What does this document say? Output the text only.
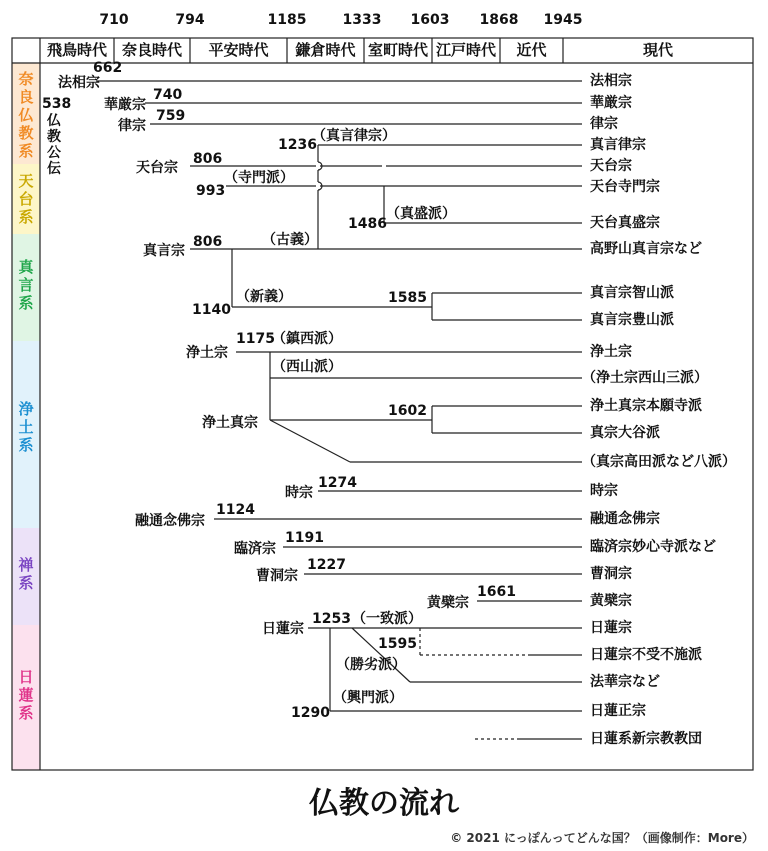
奈
良
仏
教
系
天
台
系
真
言
系
浄
土
系
禅
系
日
蓮
系
710	794	1185	1333 1603 1868 1945
飛鳥時代 奈良時代	平安時代	鎌倉時代 室町時代 江戸時代	近代	現代
538
仏教公伝
法相宗
662
華厳宗
740
律宗
759
天台宗
806
993
（寺門派）
1236
（真言律宗）
1486
（真盛派）
真言宗
806	（古義）
1140
（新義）	1585
浄土宗
1175
（鎮西派）
（西山派）
浄土真宗
1602
時宗
1274
融通念佛宗
1124
臨済宗
1191
曹洞宗
1227
黄檗宗
1661
日蓮宗
1253 （一致派）
1595
（勝劣派）
（興門派）
1290
法相宗
華厳宗
律宗
真言律宗
天台宗
天台寺門宗
天台真盛宗
高野山真言宗など
真言宗智山派
真言宗豊山派
浄土宗
（浄土宗西山三派）
浄土真宗本願寺派
真宗大谷派
（真宗高田派など八派）
時宗
融通念佛宗
臨済宗妙心寺派など
曹洞宗
黄檗宗
日蓮宗
日蓮宗不受不施派
法華宗など
日蓮正宗
日蓮系新宗教教団
仏教の流れ
© 2021 にっぽんってどんな国？（画像制作：More）
